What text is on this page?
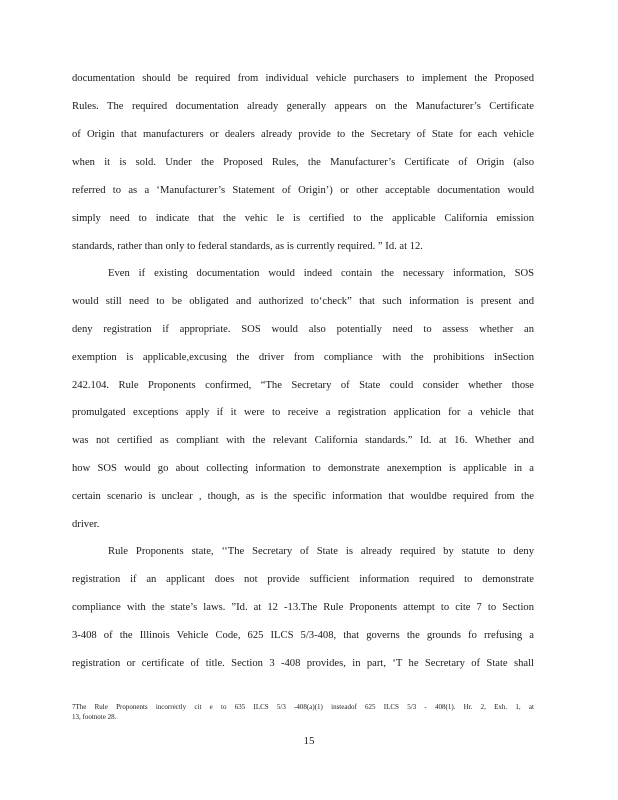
documentation should be required from individual vehicle purchasers to implement the Proposed
Rules. The required documentation already generally appears on the Manufacturer’s Certificate
of Origin that manufacturers or dealers already provide to the Secretary of State for each vehicle
when it is sold. Under the Proposed Rules, the Manufacturer’s Certificate of Origin (also
referred to as a ‘Manufacturer’s Statement of Origin’) or other acceptable documentation would
simply need to indicate that the vehic le is certified to the applicable California emission
standards, rather than only to federal standards, as is currently required. ” Id. at 12.
Even if existing documentation would indeed contain the necessary information, SOS
would still need to be obligated and authorized to‘check” that such information is present and
deny registration if appropriate. SOS would also potentially need to assess whether an
exemption is applicable,excusing the driver from compliance with the prohibitions inSection
242.104. Rule Proponents confirmed, “The Secretary of State could consider whether those
promulgated exceptions apply if it were to receive a registration application for a vehicle that
was not certified as compliant with the relevant California standards.” Id. at 16. Whether and
how SOS would go about collecting information to demonstrate anexemption is applicable in a
certain scenario is unclear , though, as is the specific information that wouldbe required from the
driver.
Rule Proponents state, ‘‘The Secretary of State is already required by statute to deny
registration if an applicant does not provide sufficient information required to demonstrate
compliance with the state’s laws. ”Id. at 12 -13.The Rule Proponents attempt to cite 7 to Section
3-408 of the Illinois Vehicle Code, 625 ILCS 5/3-408, that governs the grounds fo rrefusing a
registration or certificate of title. Section 3 -408 provides, in part, ‘T he Secretary of State shall
7The Rule Proponents incorrectly cit e to 635 ILCS 5/3 -408(a)(1) insteadof 625 ILCS 5/3 - 408(1). Hr. 2, Exh. 1, at
13, footnote 28.
15
